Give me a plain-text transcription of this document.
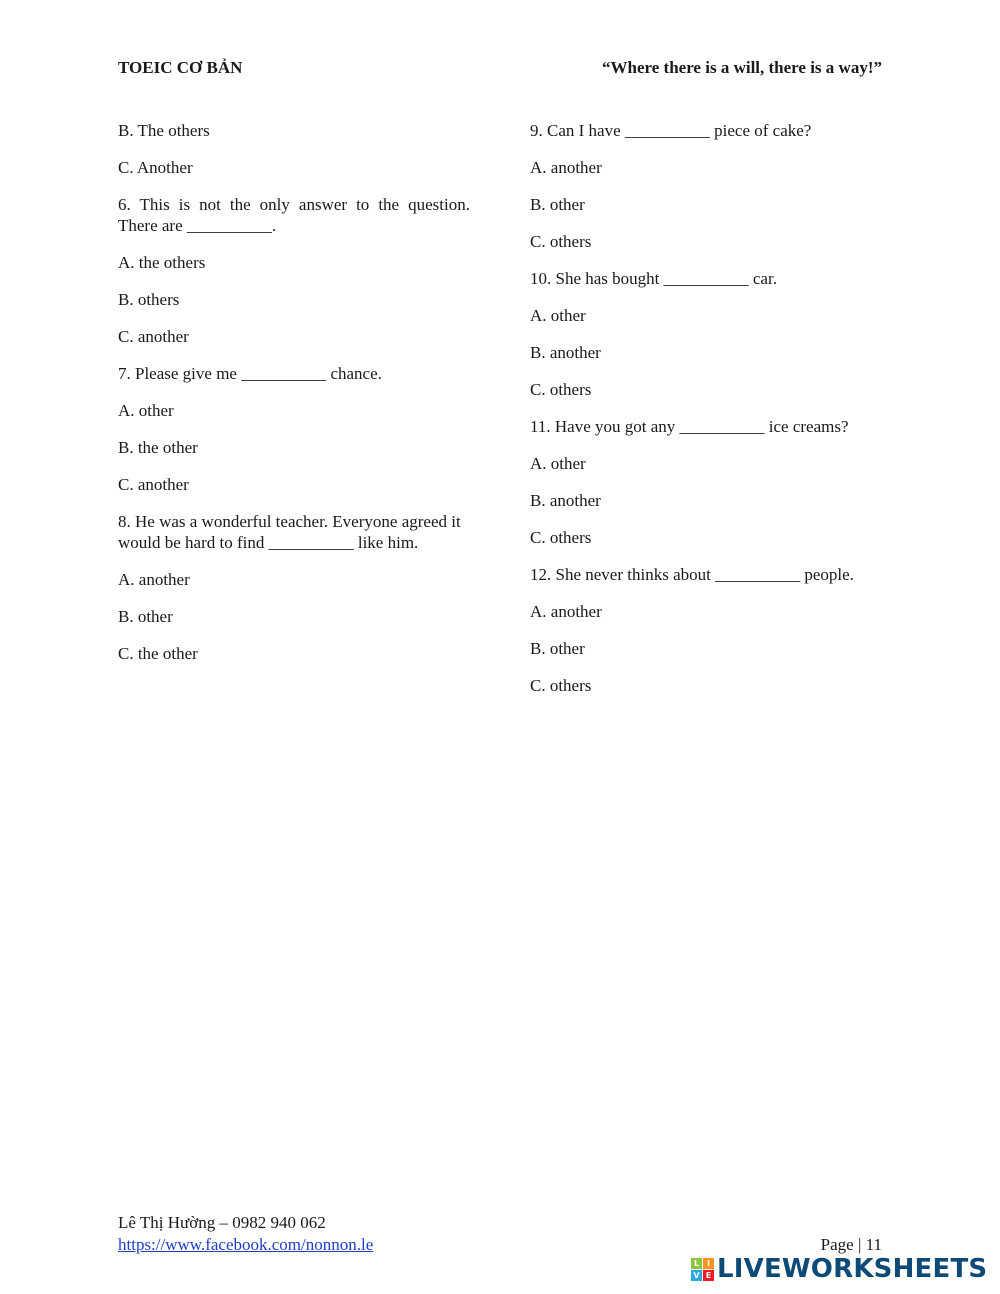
TOEIC CƠ BẢN	“Where there is a will, there is a way!”

B. The others

C. Another

6. This is not the only answer to the question. There are __________.

A. the others

B. others

C. another

7. Please give me __________ chance.

A. other

B. the other

C. another

8. He was a wonderful teacher. Everyone agreed it would be hard to find __________ like him.

A. another

B. other

C. the other

9. Can I have __________ piece of cake?

A. another

B. other

C. others

10. She has bought __________ car.

A. other

B. another

C. others

11. Have you got any __________ ice creams?

A. other

B. another

C. others

12. She never thinks about __________ people.

A. another

B. other

C. others

Lê Thị Hường – 0982 940 062
https://www.facebook.com/nonnon.le	Page | 11
L I
V E LIVEWORKSHEETS
